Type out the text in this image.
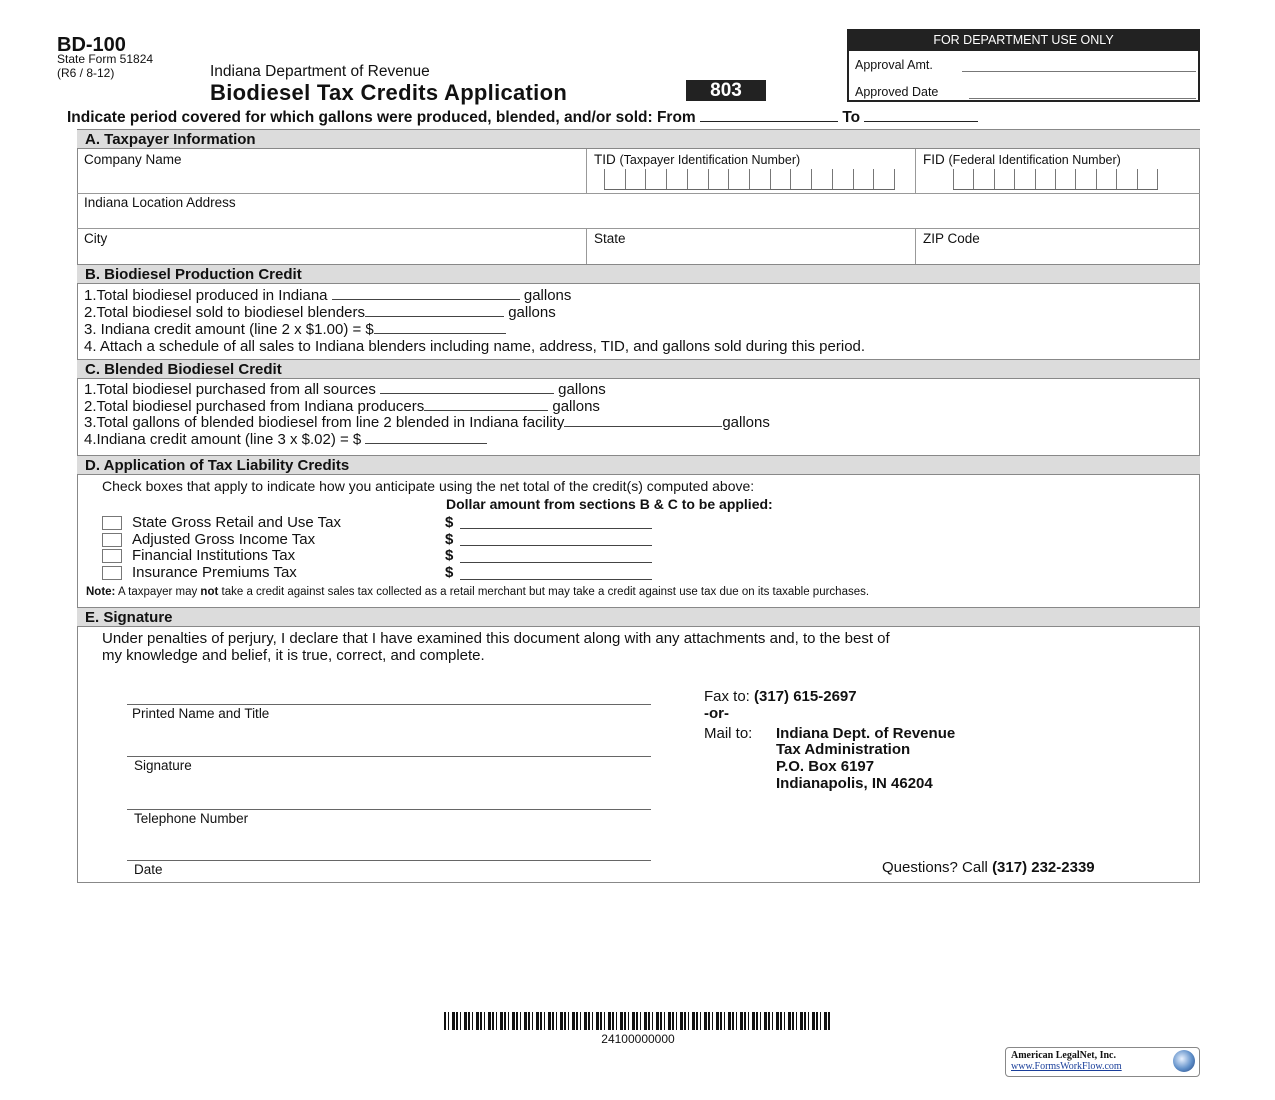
BD-100
State Form 51824
(R6 / 8-12)	Indiana Department of Revenue
Biodiesel Tax Credits Application	803
FOR DEPARTMENT USE ONLY
Approval Amt.
Approved Date
Indicate period covered for which gallons were produced, blended, and/or sold: From	To
A. Taxpayer Information
Company Name	TID (Taxpayer Identification Number)	FID (Federal Identification Number)
Indiana Location Address
City	State	ZIP Code
B. Biodiesel Production Credit
1.Total biodiesel produced in Indiana	gallons
2.Total biodiesel sold to biodiesel blenders	gallons
3. Indiana credit amount (line 2 x $1.00) = $
4. Attach a schedule of all sales to Indiana blenders including name, address, TID, and gallons sold during this period.
C. Blended Biodiesel Credit
1.Total biodiesel purchased from all sources	gallons
2.Total biodiesel purchased from Indiana producers	gallons
3.Total gallons of blended biodiesel from line 2 blended in Indiana facility	gallons
4.Indiana credit amount (line 3 x $.02) = $
D. Application of Tax Liability Credits
Check boxes that apply to indicate how you anticipate using the net total of the credit(s) computed above:
Dollar amount from sections B & C to be applied:
State Gross Retail and Use Tax	$
Adjusted Gross Income Tax	$
Financial Institutions Tax	$
Insurance Premiums Tax	$
Note: A taxpayer may not take a credit against sales tax collected as a retail merchant but may take a credit against use tax due on its taxable purchases.
E. Signature
Under penalties of perjury, I declare that I have examined this document along with any attachments and, to the best of
my knowledge and belief, it is true, correct, and complete.
Printed Name and Title
Signature
Telephone Number
Date
Fax to: (317) 615-2697
-or-
Mail to: Indiana Dept. of Revenue
Tax Administration
P.O. Box 6197
Indianapolis, IN 46204
Questions? Call (317) 232-2339
24100000000
American LegalNet, Inc.
www.FormsWorkFlow.com
